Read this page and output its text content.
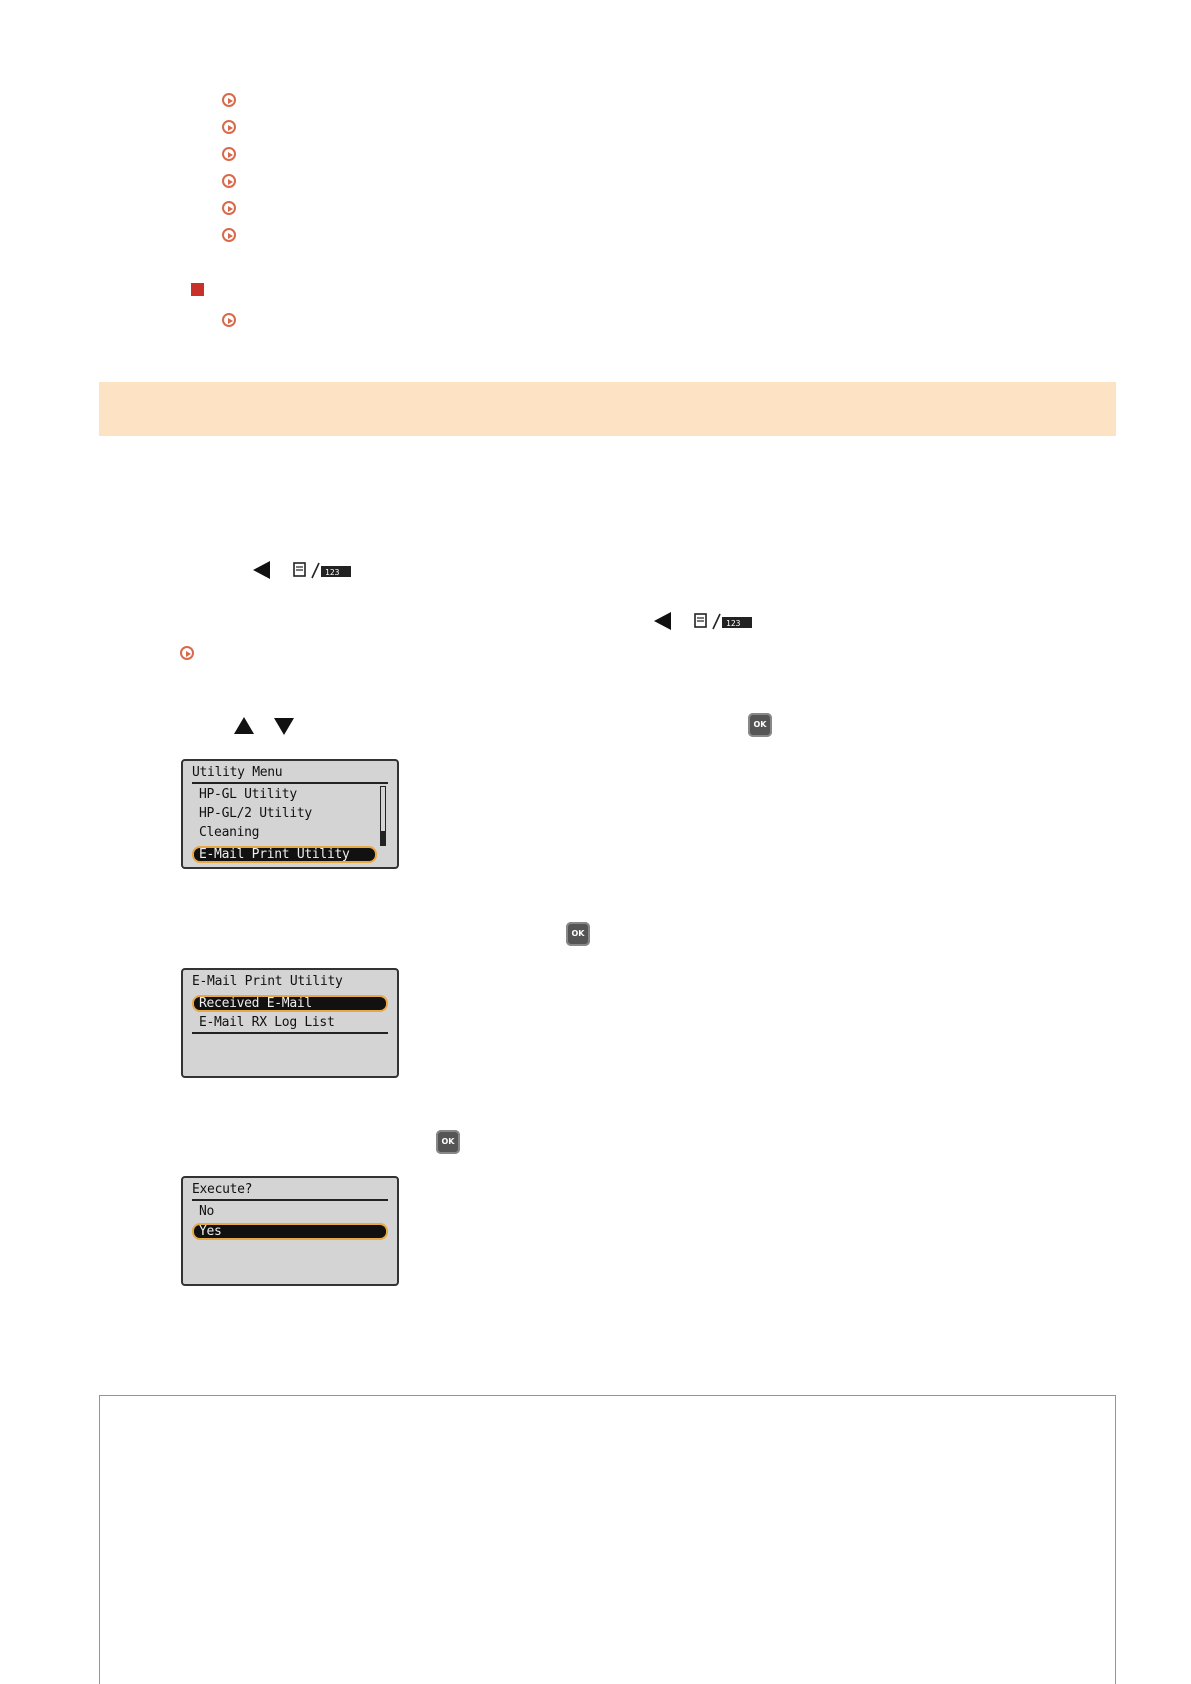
123
123
OK
Utility Menu
HP-GL Utility
HP-GL/2 Utility
Cleaning
E-Mail Print Utility
OK
E-Mail Print Utility
Received E-Mail
E-Mail RX Log List
OK
Execute?
No
Yes
